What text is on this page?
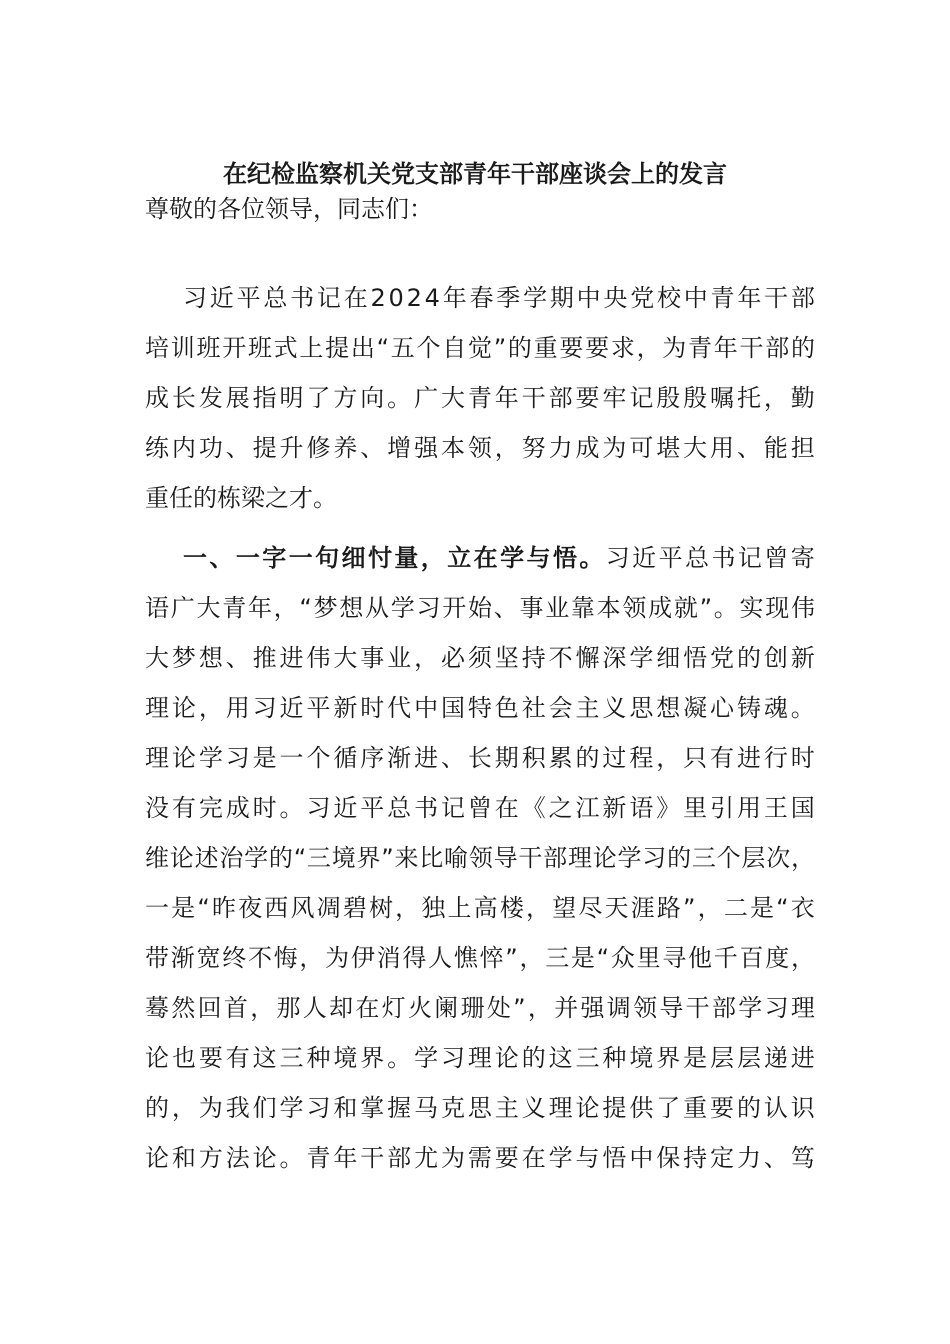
在纪检监察机关党支部青年干部座谈会上的发言
尊敬的各位领导，同志们：
习 近 平 总 书 记 在 2 0 2 4 年 春 季 学 期 中 央 党 校 中 青 年 干 部
培 训 班 开 班 式 上 提 出 “ 五 个 自 觉 ” 的 重 要 要 求 ， 为 青 年 干 部 的
成 长 发 展 指 明 了 方 向 。 广 大 青 年 干 部 要 牢 记 殷 殷 嘱 托 ， 勤
练 内 功 、 提 升 修 养 、 增 强 本 领 ， 努 力 成 为 可 堪 大 用 、 能 担
重 任 的 栋 梁 之 才 。
一 、 一 字 一 句 细 忖 量 ， 立 在 学 与 悟 。 习 近 平 总 书 记 曾 寄
语 广 大 青 年 ， “ 梦 想 从 学 习 开 始 、 事 业 靠 本 领 成 就 ” 。 实 现 伟
大 梦 想 、 推 进 伟 大 事 业 ， 必 须 坚 持 不 懈 深 学 细 悟 党 的 创 新
理 论 ， 用 习 近 平 新 时 代 中 国 特 色 社 会 主 义 思 想 凝 心 铸 魂 。
理 论 学 习 是 一 个 循 序 渐 进 、 长 期 积 累 的 过 程 ， 只 有 进 行 时
没 有 完 成 时 。 习 近 平 总 书 记 曾 在 《 之 江 新 语 》 里 引 用 王 国
维 论 述 治 学 的 “ 三 境 界 ” 来 比 喻 领 导 干 部 理 论 学 习 的 三 个 层 次 ，
一 是 “ 昨 夜 西 风 凋 碧 树 ， 独 上 高 楼 ， 望 尽 天 涯 路 ” ， 二 是 “ 衣
带 渐 宽 终 不 悔 ， 为 伊 消 得 人 憔 悴 ” ， 三 是 “ 众 里 寻 他 千 百 度 ，
蓦 然 回 首 ， 那 人 却 在 灯 火 阑 珊 处 ” ， 并 强 调 领 导 干 部 学 习 理
论 也 要 有 这 三 种 境 界 。 学 习 理 论 的 这 三 种 境 界 是 层 层 递 进
的 ， 为 我 们 学 习 和 掌 握 马 克 思 主 义 理 论 提 供 了 重 要 的 认 识
论 和 方 法 论 。 青 年 干 部 尤 为 需 要 在 学 与 悟 中 保 持 定 力 、 笃
